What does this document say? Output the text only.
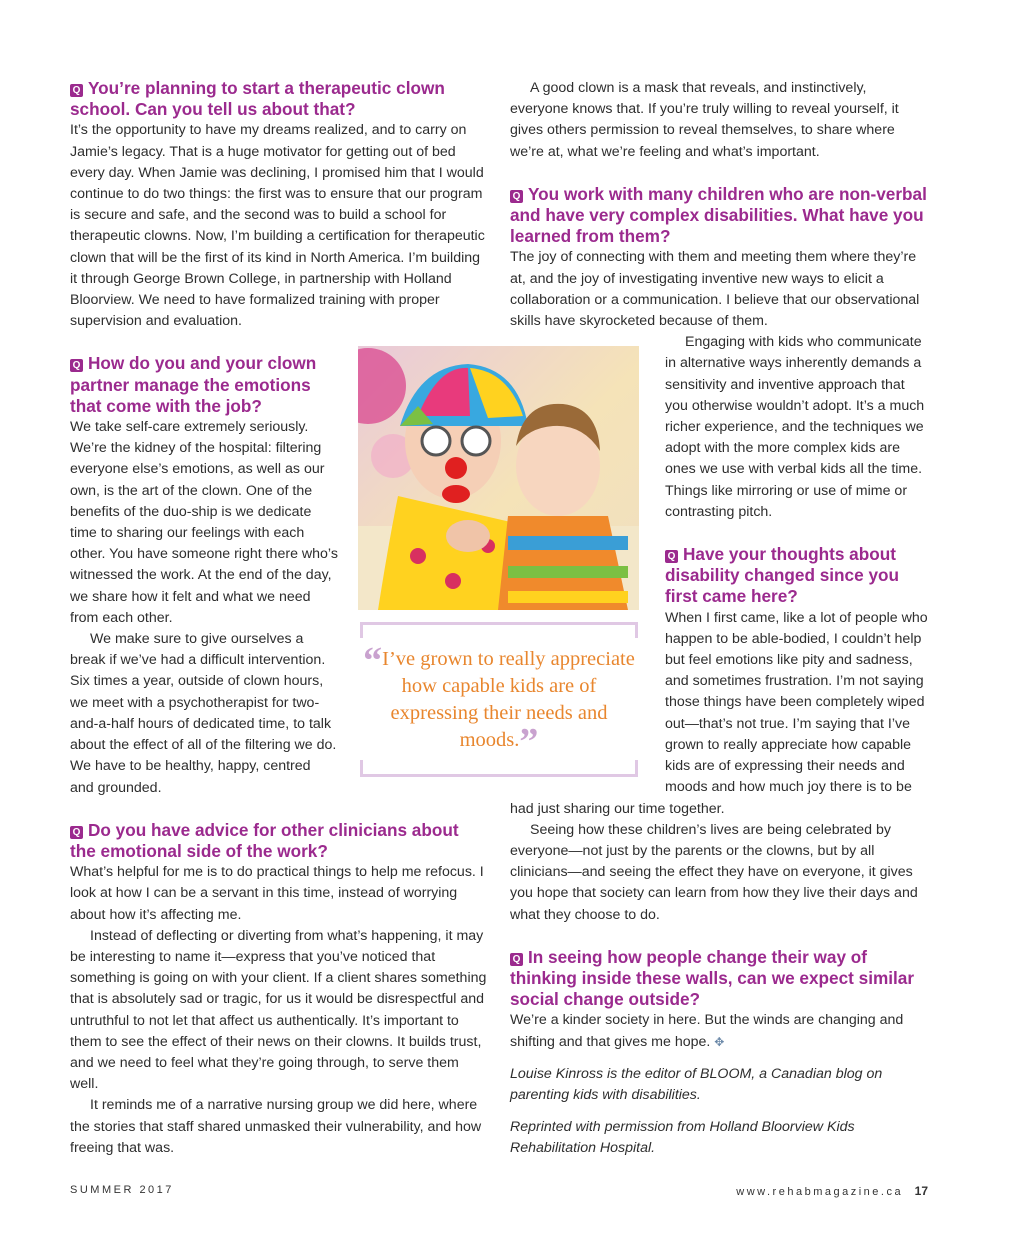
Q You’re planning to start a therapeutic clown school. Can you tell us about that?

It’s the opportunity to have my dreams realized, and to carry on Jamie’s legacy. That is a huge motivator for getting out of bed every day. When Jamie was declining, I promised him that I would continue to do two things: the first was to ensure that our program is secure and safe, and the second was to build a school for therapeutic clowns. Now, I’m building a certification for therapeutic clown that will be the first of its kind in North America. I’m building it through George Brown College, in partnership with Holland Bloorview. We need to have formalized training with proper supervision and evaluation.

Q How do you and your clown partner manage the emotions that come with the job?

We take self-care extremely seriously. We’re the kidney of the hospital: filtering everyone else’s emotions, as well as our own, is the art of the clown. One of the benefits of the duo-ship is we dedicate time to sharing our feelings with each other. You have someone right there who’s witnessed the work. At the end of the day, we share how it felt and what we need from each other.

We make sure to give ourselves a break if we’ve had a difficult intervention. Six times a year, outside of clown hours, we meet with a psychotherapist for two-and-a-half hours of dedicated time, to talk about the effect of all of the filtering we do. We have to be healthy, happy, centred and grounded.

Q Do you have advice for other clinicians about the emotional side of the work?

What’s helpful for me is to do practical things to help me refocus. I look at how I can be a servant in this time, instead of worrying about how it’s affecting me.

Instead of deflecting or diverting from what’s happening, it may be interesting to name it—express that you’ve noticed that something is going on with your client. If a client shares something that is absolutely sad or tragic, for us it would be disrespectful and untruthful to not let that affect us authentically. It’s important to them to see the effect of their news on their clowns. It builds trust, and we need to feel what they’re going through, to serve them well.

It reminds me of a narrative nursing group we did here, where the stories that staff shared unmasked their vulnerability, and how freeing that was.

“I’ve grown to really appreciate how capable kids are of expressing their needs and moods.”

A good clown is a mask that reveals, and instinctively, everyone knows that. If you’re truly willing to reveal yourself, it gives others permission to reveal themselves, to share where we’re at, what we’re feeling and what’s important.

Q You work with many children who are non-verbal and have very complex disabilities. What have you learned from them?

The joy of connecting with them and meeting them where they’re at, and the joy of investigating inventive new ways to elicit a collaboration or a communication. I believe that our observational skills have skyrocketed because of them.

Engaging with kids who communicate in alternative ways inherently demands a sensitivity and inventive approach that you otherwise wouldn’t adopt. It’s a much richer experience, and the techniques we adopt with the more complex kids are ones we use with verbal kids all the time. Things like mirroring or use of mime or contrasting pitch.

Q Have your thoughts about disability changed since you first came here?

When I first came, like a lot of people who happen to be able-bodied, I couldn’t help but feel emotions like pity and sadness, and sometimes frustration. I’m not saying those things have been completely wiped out—that’s not true. I’m saying that I’ve grown to really appreciate how capable kids are of expressing their needs and moods and how much joy there is to be

had just sharing our time together.

Seeing how these children’s lives are being celebrated by everyone—not just by the parents or the clowns, but by all clinicians—and seeing the effect they have on everyone, it gives you hope that society can learn from how they live their days and what they choose to do.

Q In seeing how people change their way of thinking inside these walls, can we expect similar social change outside?

We’re a kinder society in here. But the winds are changing and shifting and that gives me hope. ✥

Louise Kinross is the editor of BLOOM, a Canadian blog on parenting kids with disabilities.

Reprinted with permission from Holland Bloorview Kids Rehabilitation Hospital.

SUMMER 2017	www.rehabmagazine.ca 17
